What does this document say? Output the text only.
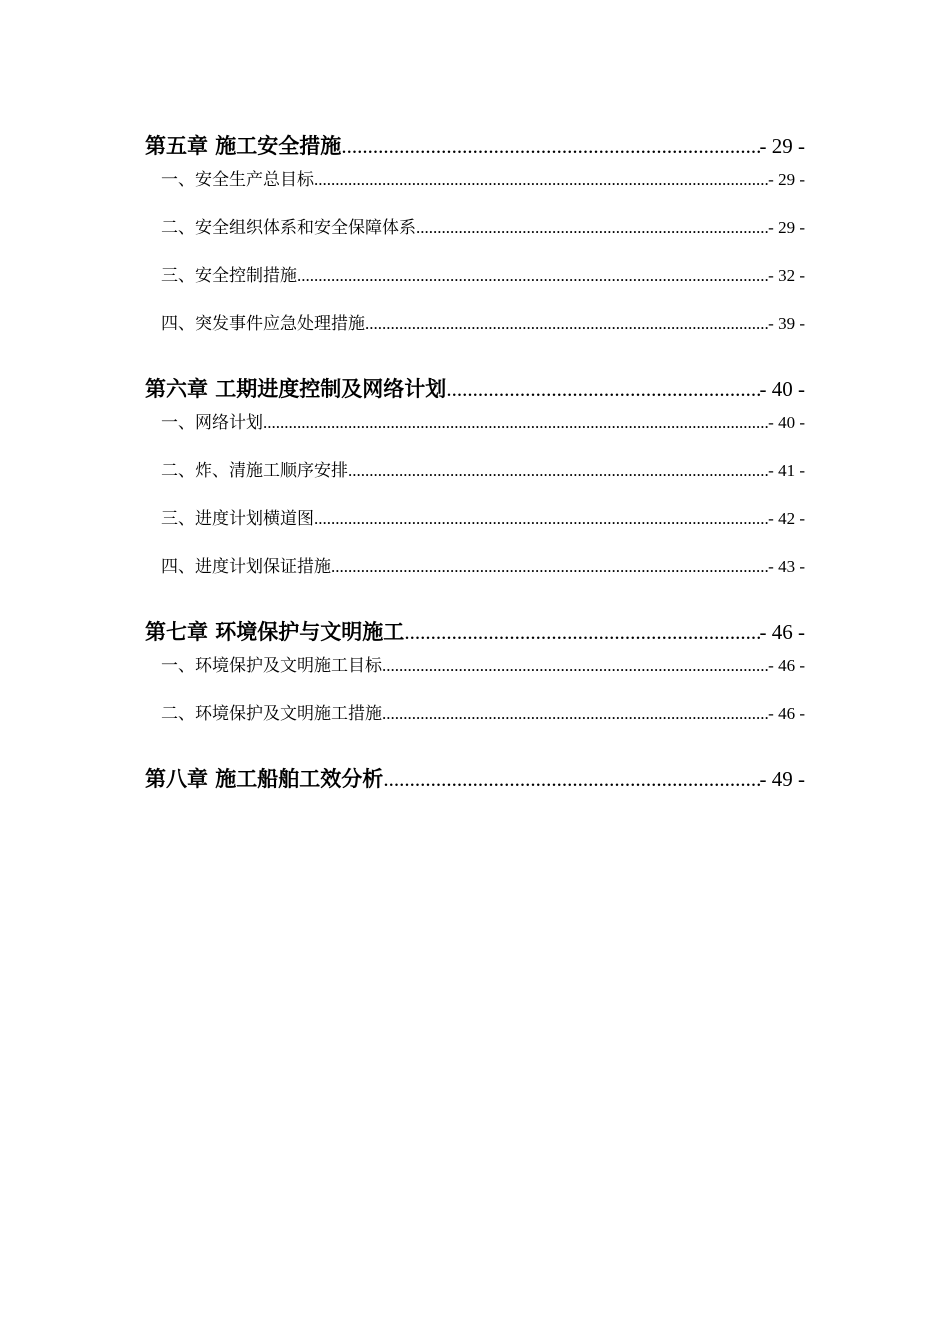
第五章 施工安全措施 .....	- 29 -
一、安全生产总目标 .....	- 29 -
二、安全组织体系和安全保障体系 .....	- 29 -
三、安全控制措施 .....	- 32 -
四、突发事件应急处理措施 .....	- 39 -
第六章 工期进度控制及网络计划 .....	- 40 -
一、网络计划 .....	- 40 -
二、炸、清施工顺序安排 .....	- 41 -
三、进度计划横道图 .....	- 42 -
四、进度计划保证措施 .....	- 43 -
第七章 环境保护与文明施工 .....	- 46 -
一、环境保护及文明施工目标 .....	- 46 -
二、环境保护及文明施工措施 .....	- 46 -
第八章 施工船舶工效分析 .....	- 49 -
